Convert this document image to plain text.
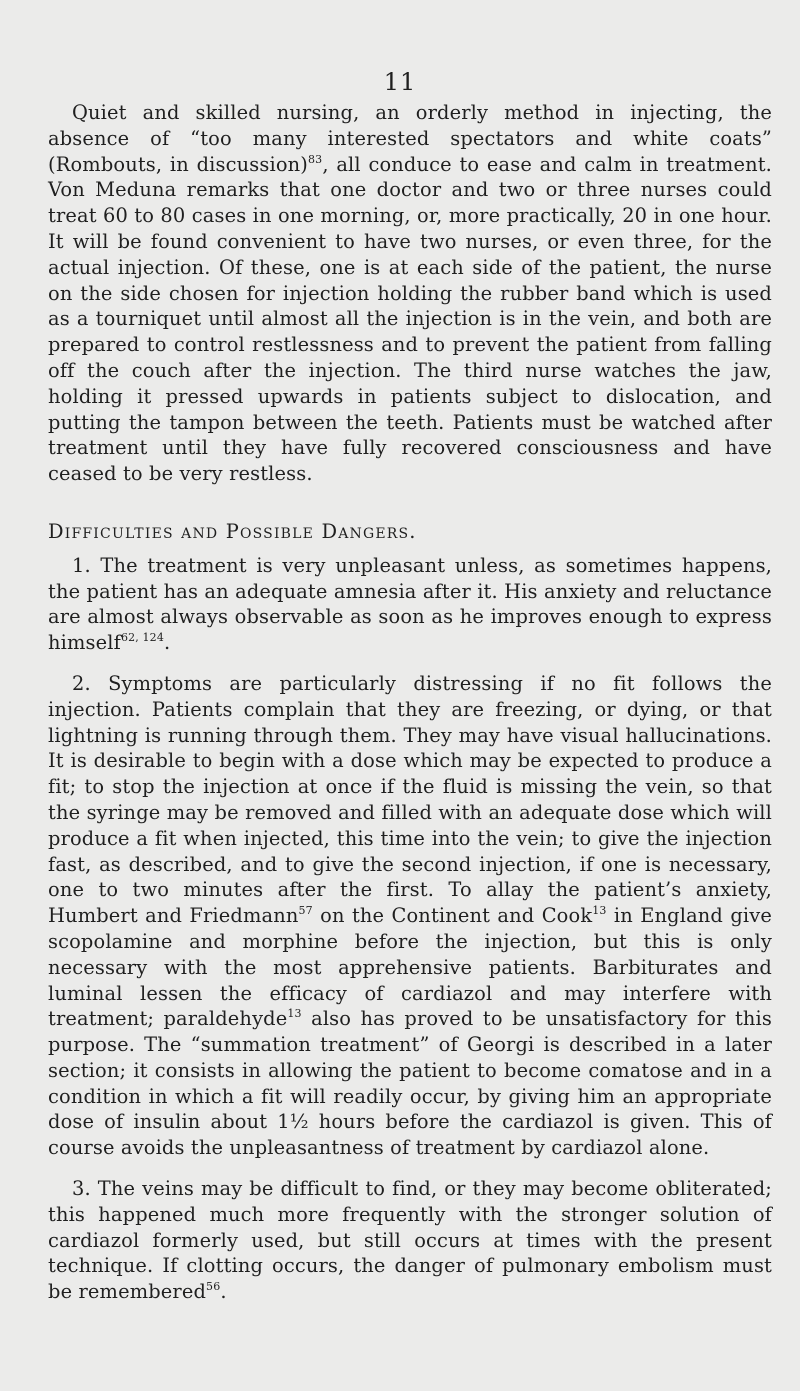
11

Quiet and skilled nursing, an orderly method in injecting, the absence of “too many interested spectators and white coats” (Rombouts, in discussion)$^{83}$, all conduce to ease and calm in treatment. Von Meduna remarks that one doctor and two or three nurses could treat 60 to 80 cases in one morning, or, more practically, 20 in one hour. It will be found convenient to have two nurses, or even three, for the actual injection. Of these, one is at each side of the patient, the nurse on the side chosen for injection holding the rubber band which is used as a tourniquet until almost all the injection is in the vein, and both are prepared to control restlessness and to prevent the patient from falling off the couch after the injection. The third nurse watches the jaw, holding it pressed upwards in patients subject to dislocation, and putting the tampon between the teeth. Patients must be watched after treatment until they have fully recovered consciousness and have ceased to be very restless.

Difficulties and Possible Dangers.

1. The treatment is very unpleasant unless, as sometimes happens, the patient has an adequate amnesia after it. His anxiety and reluctance are almost always observable as soon as he improves enough to express himself$^{62, 124}$.

2. Symptoms are particularly distressing if no fit follows the injection. Patients complain that they are freezing, or dying, or that lightning is running through them. They may have visual hallucinations. It is desirable to begin with a dose which may be expected to produce a fit; to stop the injection at once if the fluid is missing the vein, so that the syringe may be removed and filled with an adequate dose which will produce a fit when injected, this time into the vein; to give the injection fast, as described, and to give the second injection, if one is necessary, one to two minutes after the first. To allay the patient’s anxiety, Humbert and Friedmann$^{57}$ on the Continent and Cook$^{13}$ in England give scopolamine and morphine before the injection, but this is only necessary with the most apprehensive patients. Barbiturates and luminal lessen the efficacy of cardiazol and may interfere with treatment; paraldehyde$^{13}$ also has proved to be unsatisfactory for this purpose. The “summation treatment” of Georgi is described in a later section; it consists in allowing the patient to become comatose and in a condition in which a fit will readily occur, by giving him an appropriate dose of insulin about 1½ hours before the cardiazol is given. This of course avoids the unpleasantness of treatment by cardiazol alone.

3. The veins may be difficult to find, or they may become obliterated; this happened much more frequently with the stronger solution of cardiazol formerly used, but still occurs at times with the present technique. If clotting occurs, the danger of pulmonary embolism must be remembered$^{56}$.
